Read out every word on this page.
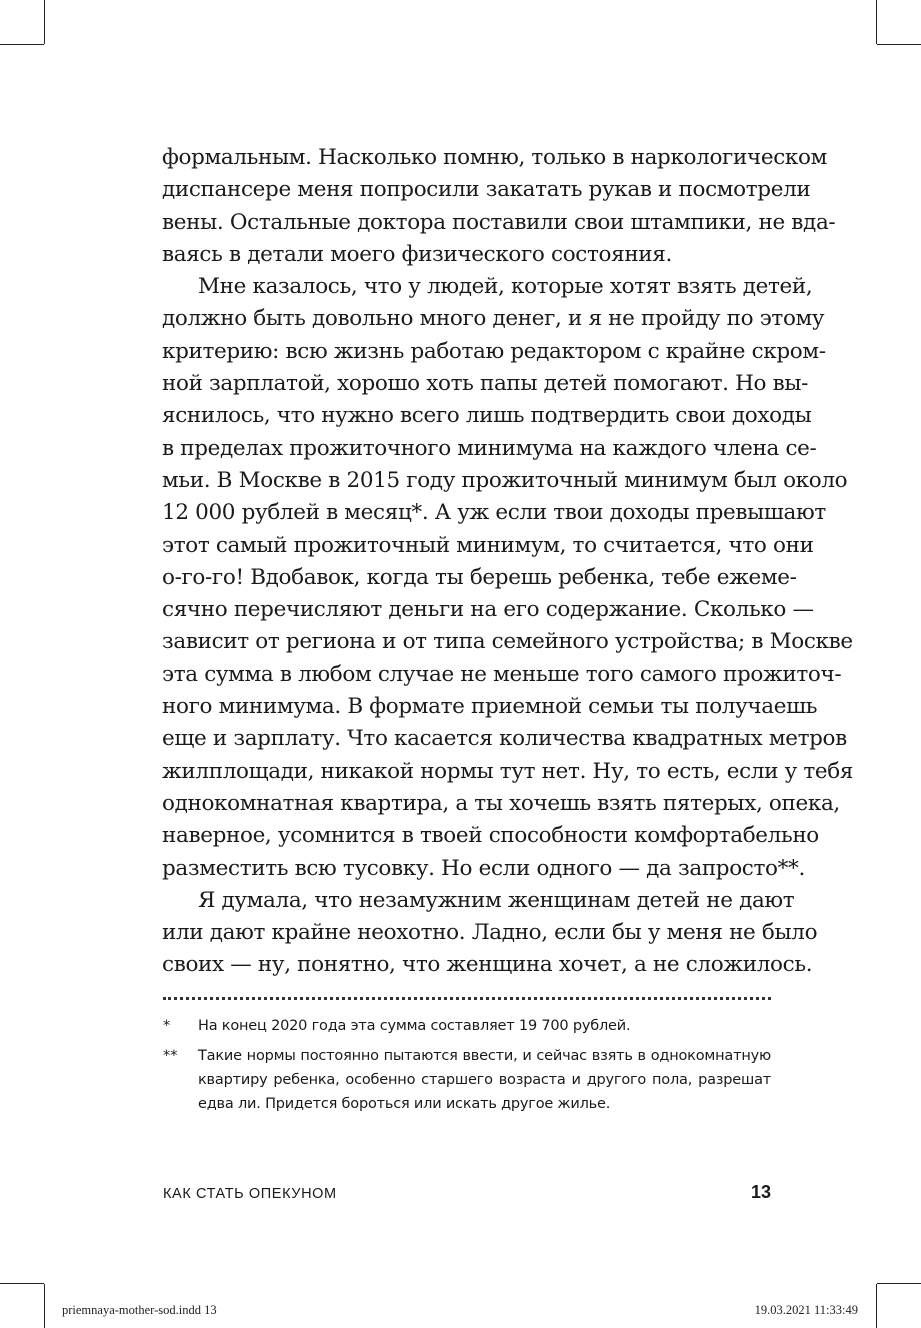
формальным. Насколько помню, только в наркологическом
диспансере меня попросили закатать рукав и посмотрели
вены. Остальные доктора поставили свои штампики, не вда-
ваясь в детали моего физического состояния.
Мне казалось, что у людей, которые хотят взять детей,
должно быть довольно много денег, и я не пройду по этому
критерию: всю жизнь работаю редактором с крайне скром-
ной зарплатой, хорошо хоть папы детей помогают. Но вы-
яснилось, что нужно всего лишь подтвердить свои доходы
в пределах прожиточного минимума на каждого члена се-
мьи. В Москве в 2015 году прожиточный минимум был около
12 000 рублей в месяц*. А уж если твои доходы превышают
этот самый прожиточный минимум, то считается, что они
о-го-го! Вдобавок, когда ты берешь ребенка, тебе ежеме-
сячно перечисляют деньги на его содержание. Сколько —
зависит от региона и от типа семейного устройства; в Москве
эта сумма в любом случае не меньше того самого прожиточ-
ного минимума. В формате приемной семьи ты получаешь
еще и зарплату. Что касается количества квадратных метров
жилплощади, никакой нормы тут нет. Ну, то есть, если у тебя
однокомнатная квартира, а ты хочешь взять пятерых, опека,
наверное, усомнится в твоей способности комфортабельно
разместить всю тусовку. Но если одного — да запросто**.
Я думала, что незамужним женщинам детей не дают
или дают крайне неохотно. Ладно, если бы у меня не было
своих — ну, понятно, что женщина хочет, а не сложилось.
* На конец 2020 года эта сумма составляет 19 700 рублей.
** Такие нормы постоянно пытаются ввести, и сейчас взять в однокомнатную
квартиру ребенка, особенно старшего возраста и другого пола, разрешат
едва ли. Придется бороться или искать другое жилье.
КАК СТАТЬ ОПЕКУНОМ	13
priemnaya-mother-sod.indd 13	19.03.2021 11:33:49
